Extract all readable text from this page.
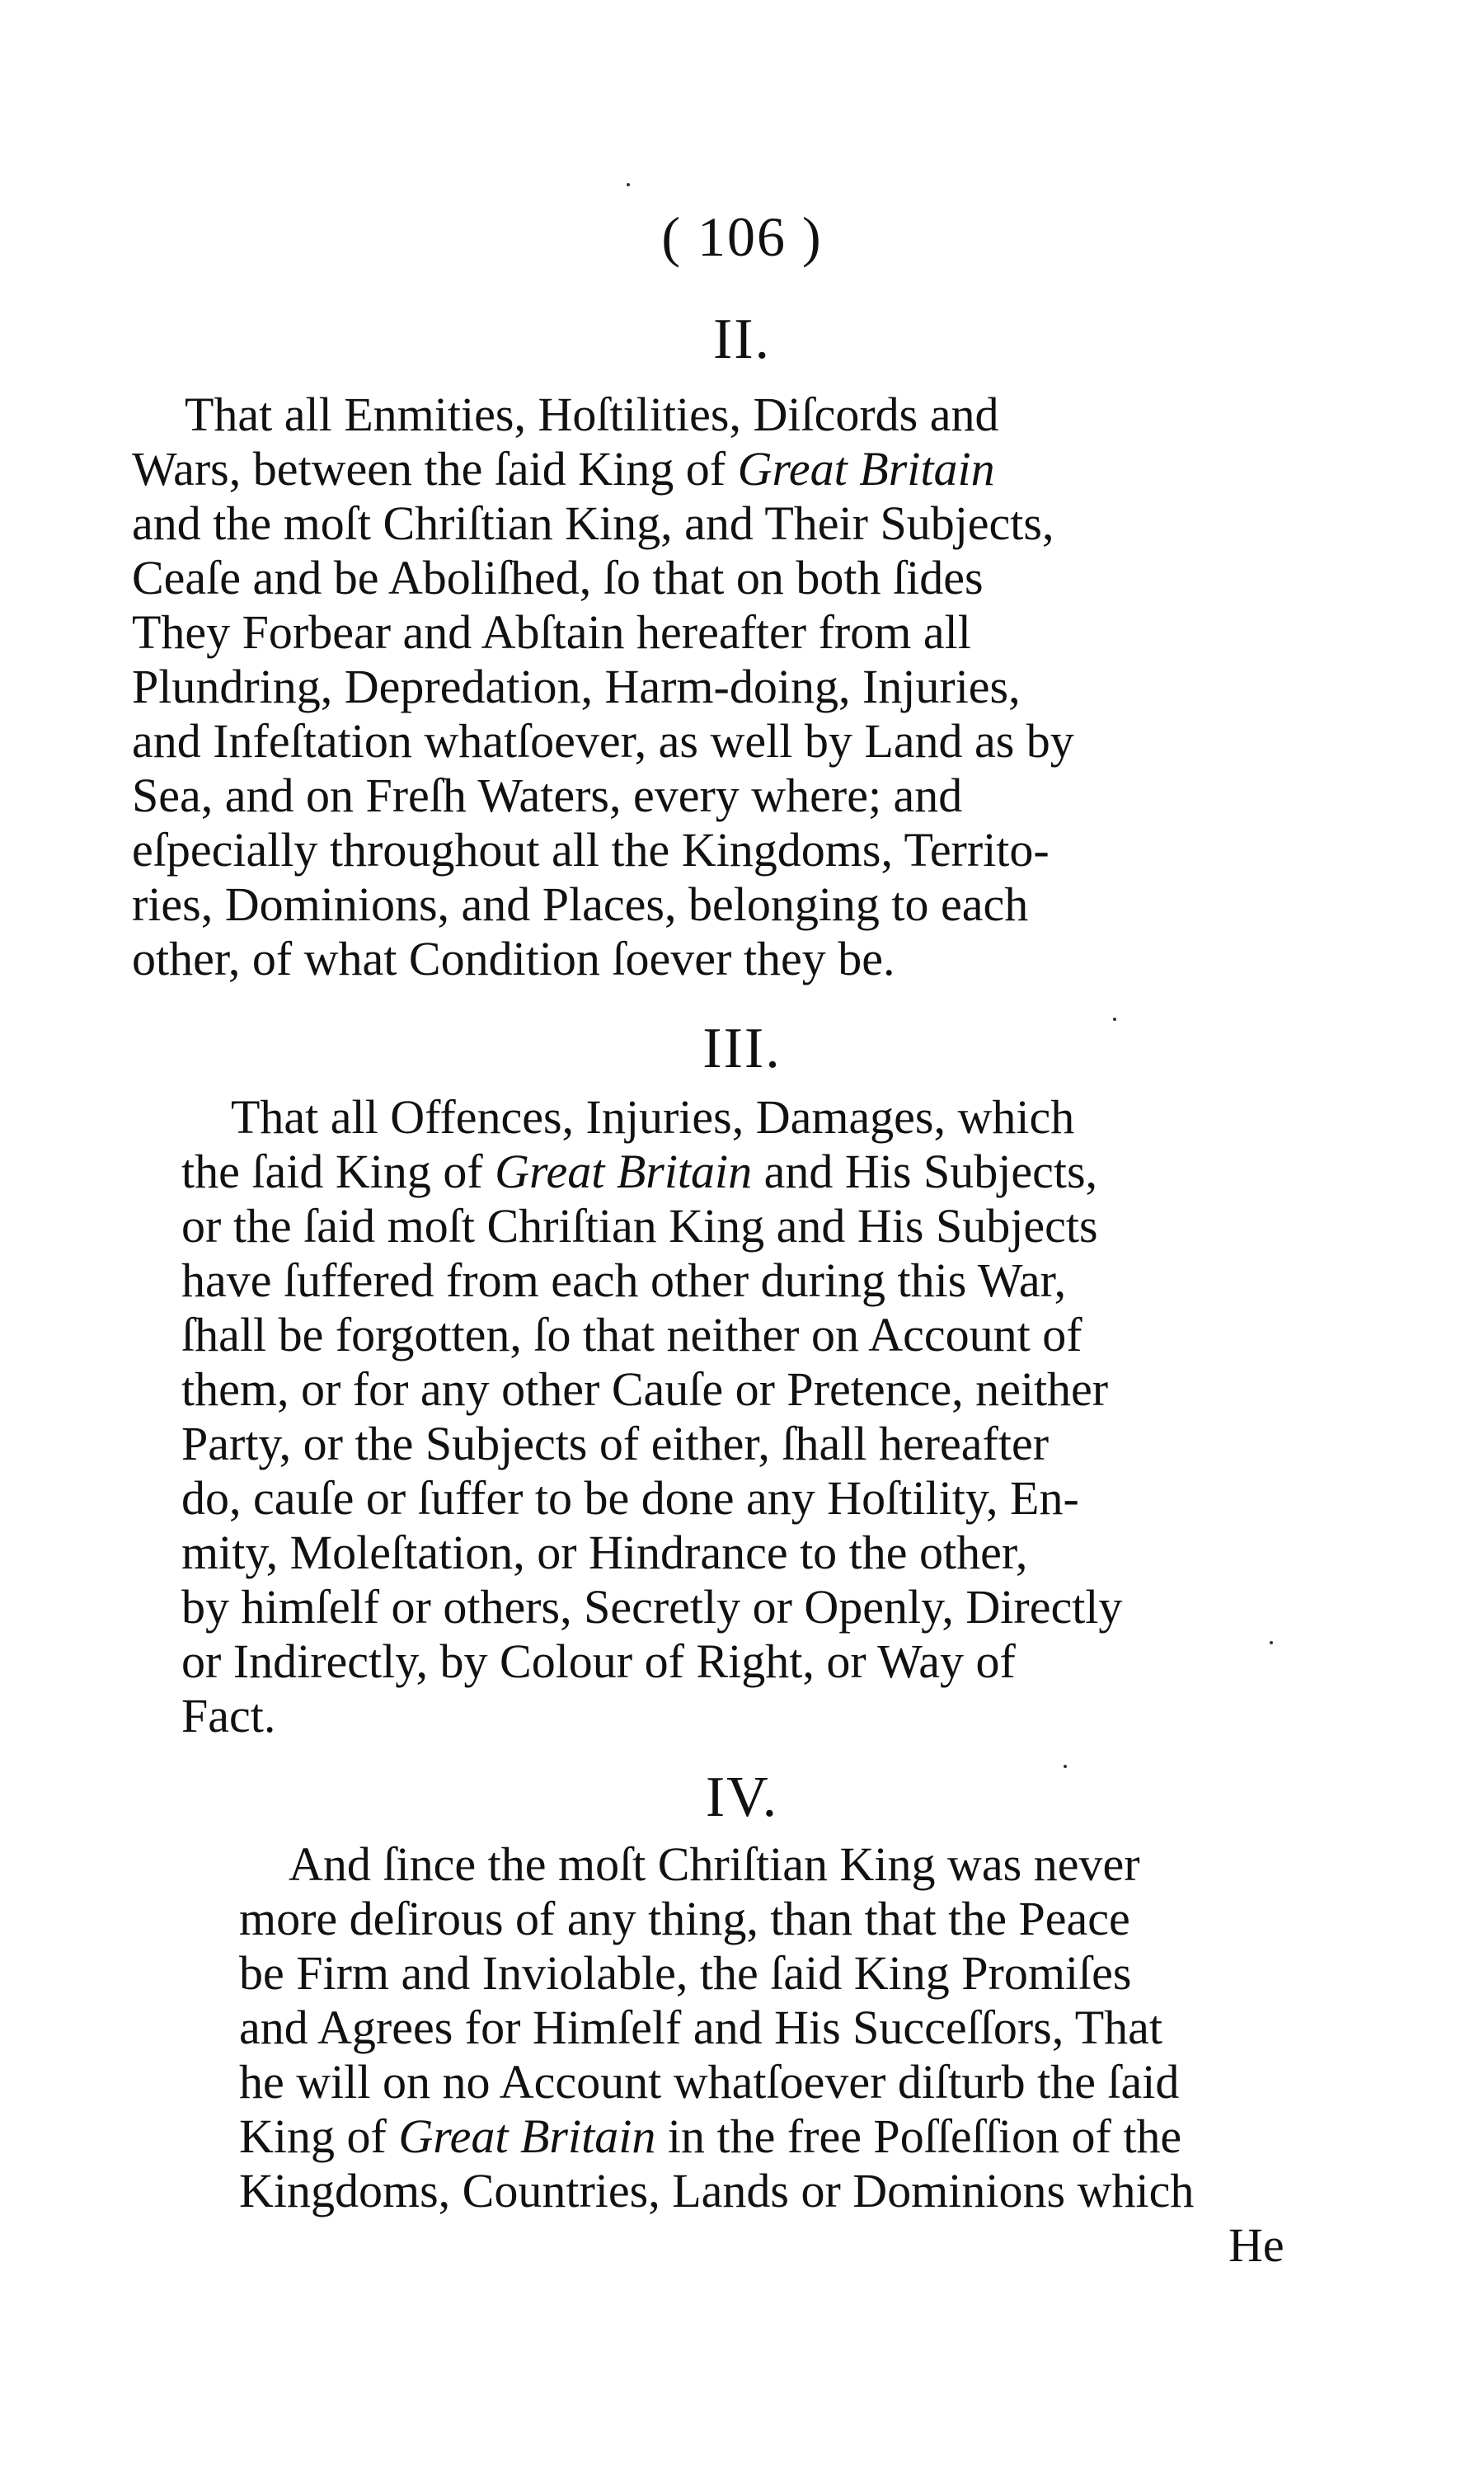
( 106 )
II.
That all Enmities, Hoſtilities, Diſcords and
Wars, between the ſaid King of Great Britain
and the moſt Chriſtian King, and Their Subjects,
Ceaſe and be Aboliſhed, ſo that on both ſides
They Forbear and Abſtain hereafter from all
Plundring, Depredation, Harm-doing, Injuries,
and Infeſtation whatſoever, as well by Land as by
Sea, and on Freſh Waters, every where; and
eſpecially throughout all the Kingdoms, Territo-
ries, Dominions, and Places, belonging to each
other, of what Condition ſoever they be.
III.
That all Offences, Injuries, Damages, which
the ſaid King of Great Britain and His Subjects,
or the ſaid moſt Chriſtian King and His Subjects
have ſuffered from each other during this War,
ſhall be forgotten, ſo that neither on Account of
them, or for any other Cauſe or Pretence, neither
Party, or the Subjects of either, ſhall hereafter
do, cauſe or ſuffer to be done any Hoſtility, En-
mity, Moleſtation, or Hindrance to the other,
by himſelf or others, Secretly or Openly, Directly
or Indirectly, by Colour of Right, or Way of
Fact.
IV.
And ſince the moſt Chriſtian King was never
more deſirous of any thing, than that the Peace
be Firm and Inviolable, the ſaid King Promiſes
and Agrees for Himſelf and His Succeſſors, That
he will on no Account whatſoever diſturb the ſaid
King of Great Britain in the free Poſſeſſion of the
Kingdoms, Countries, Lands or Dominions which
He
